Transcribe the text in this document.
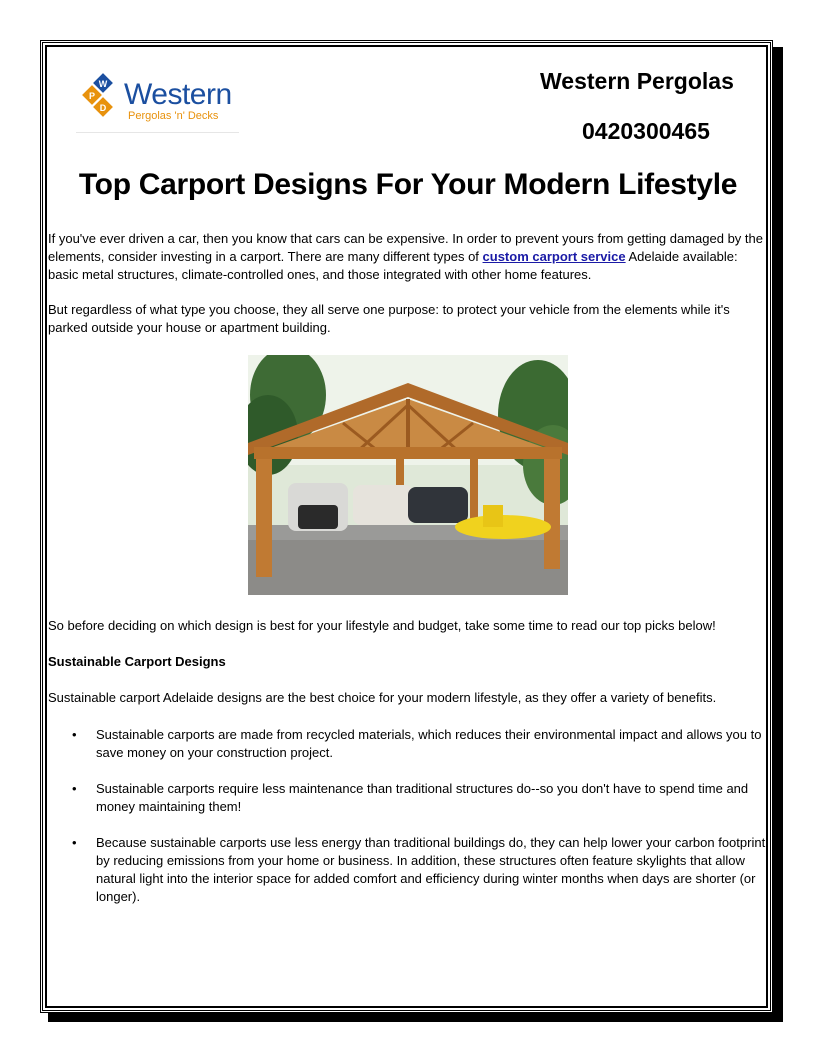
W
P
D Western
Pergolas 'n' Decks
Western Pergolas
0420300465
Top Carport Designs For Your Modern Lifestyle
If you've ever driven a car, then you know that cars can be expensive. In order to prevent yours from getting damaged by the elements, consider investing in a carport. There are many different types of custom carport service Adelaide available: basic metal structures, climate-controlled ones, and those integrated with other home features.
But regardless of what type you choose, they all serve one purpose: to protect your vehicle from the elements while it's parked outside your house or apartment building.
So before deciding on which design is best for your lifestyle and budget, take some time to read our top picks below!
Sustainable Carport Designs
Sustainable carport Adelaide designs are the best choice for your modern lifestyle, as they offer a variety of benefits.
• Sustainable carports are made from recycled materials, which reduces their environmental impact and allows you to save money on your construction project.
• Sustainable carports require less maintenance than traditional structures do--so you don't have to spend time and money maintaining them!
• Because sustainable carports use less energy than traditional buildings do, they can help lower your carbon footprint by reducing emissions from your home or business. In addition, these structures often feature skylights that allow natural light into the interior space for added comfort and efficiency during winter months when days are shorter (or longer).
